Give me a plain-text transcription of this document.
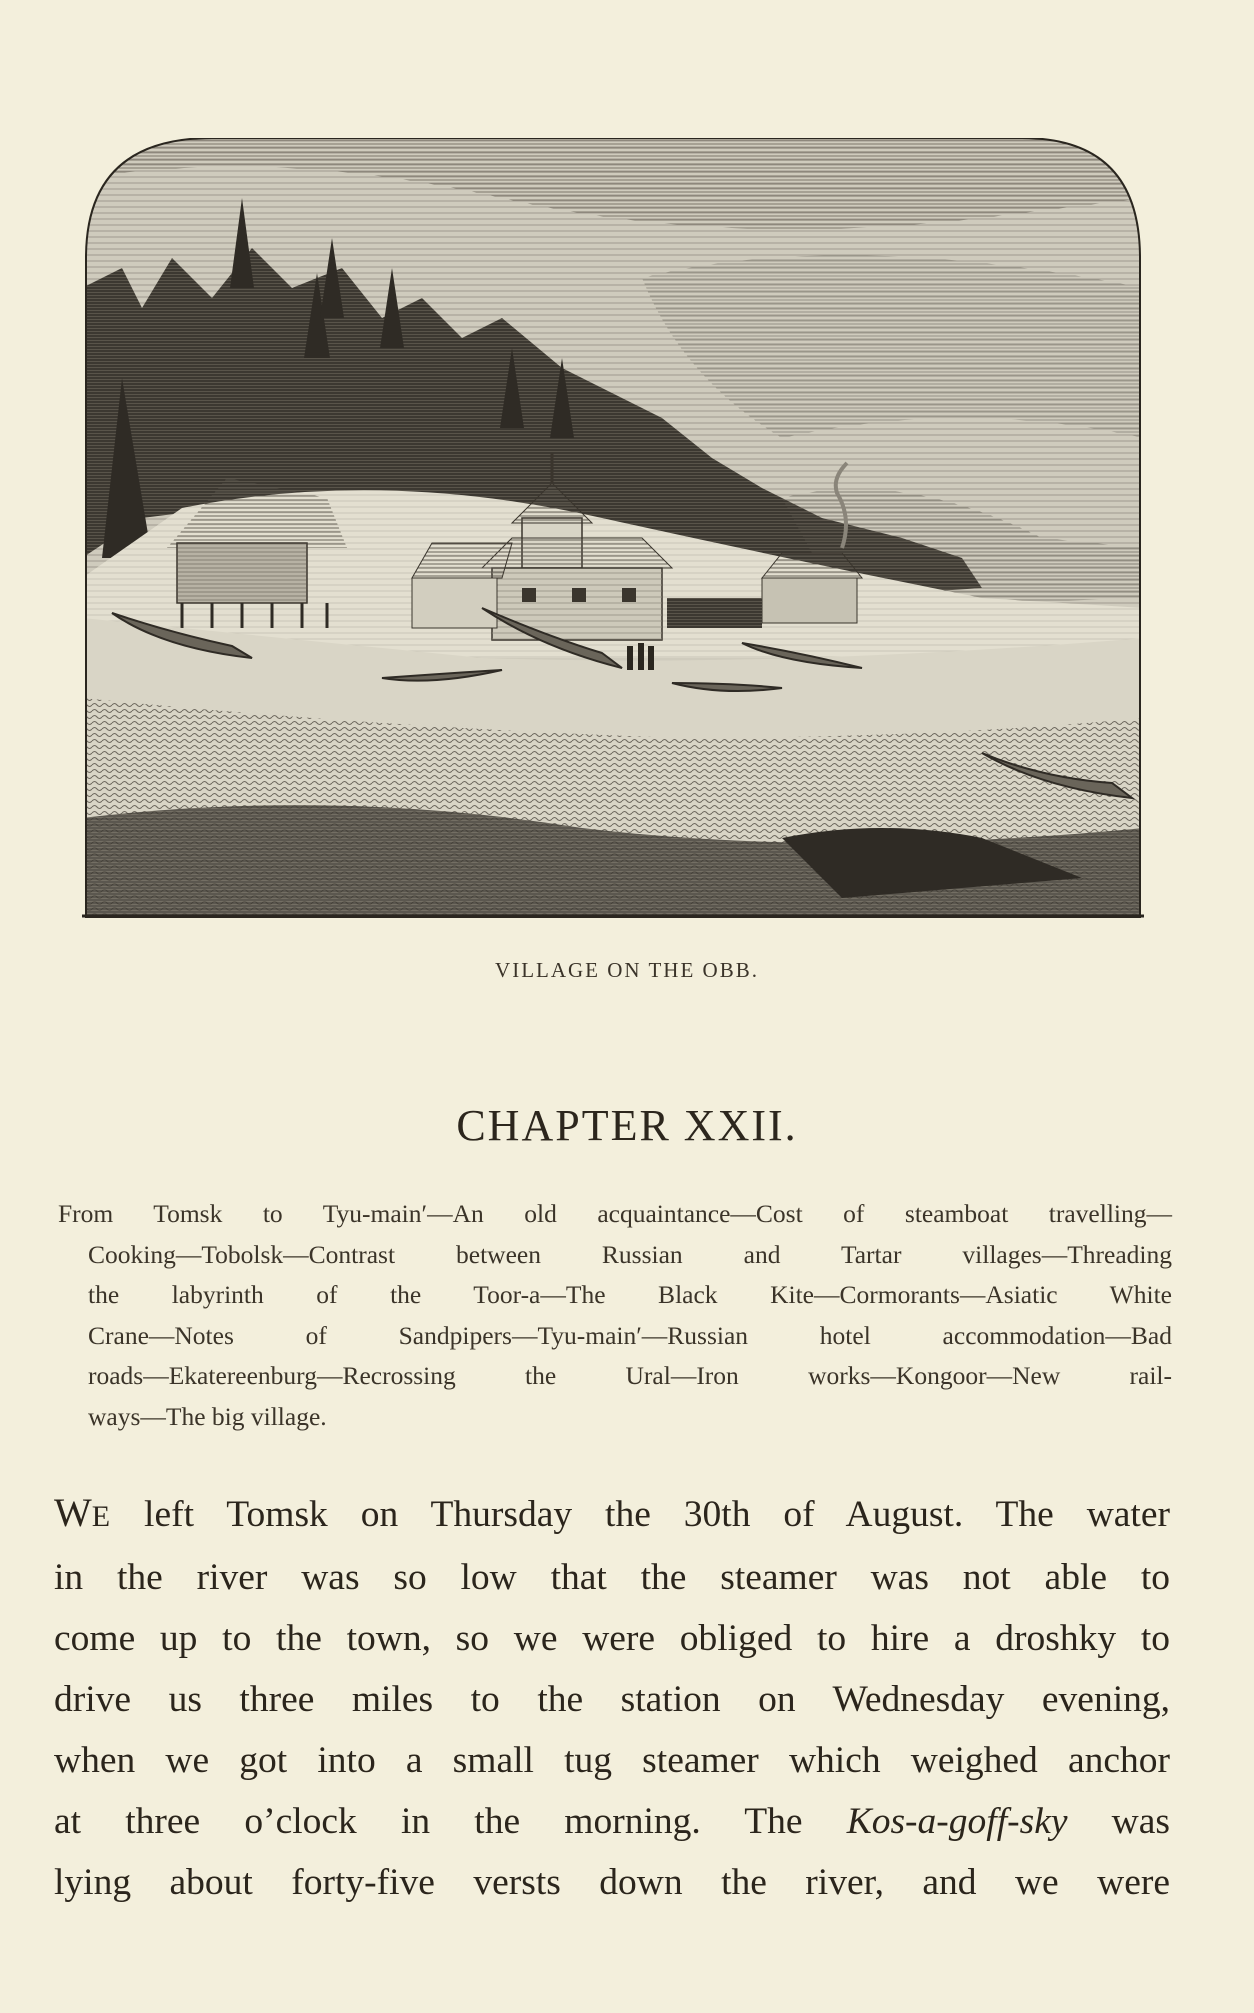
VILLAGE ON THE OBB.
CHAPTER XXII.
From Tomsk to Tyu-main′—An old acquaintance—Cost of steamboat travelling—
Cooking—Tobolsk—Contrast between Russian and Tartar villages—Threading
the labyrinth of the Toor-a—The Black Kite—Cormorants—Asiatic White
Crane—Notes of Sandpipers—Tyu-main′—Russian hotel accommodation—Bad
roads—Ekatereenburg—Recrossing the Ural—Iron works—Kongoor—New rail-
ways—The big village.
WE left Tomsk on Thursday the 30th of August. The water
in the river was so low that the steamer was not able to
come up to the town, so we were obliged to hire a droshky to
drive us three miles to the station on Wednesday evening,
when we got into a small tug steamer which weighed anchor
at three o’clock in the morning. The Kos-a-goff-sky was
lying about forty-five versts down the river, and we were
